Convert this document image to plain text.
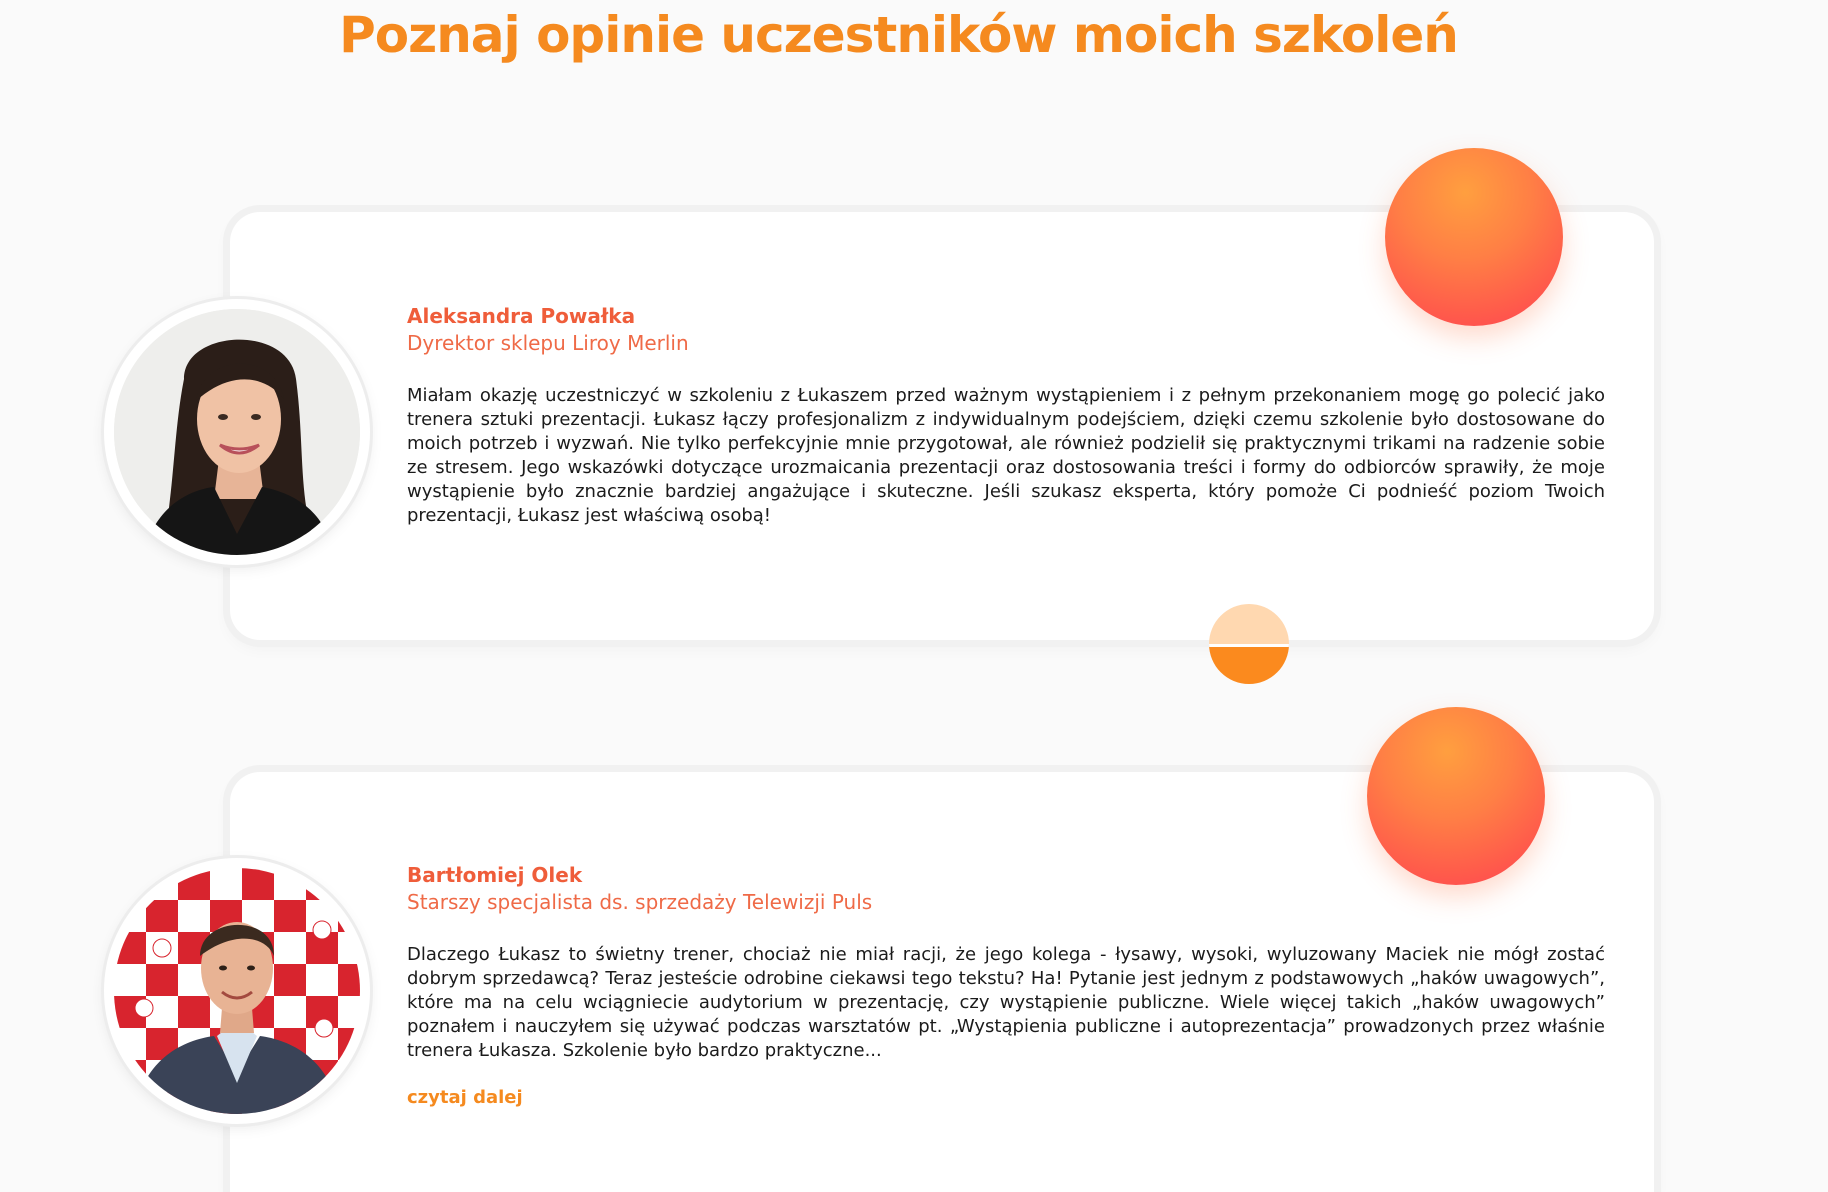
Poznaj opinie uczestników moich szkoleń

Aleksandra Powałka

Dyrektor sklepu Liroy Merlin

Miałam okazję uczestniczyć w szkoleniu z Łukaszem przed ważnym wystąpieniem i z pełnym przekonaniem mogę go polecić jako trenera sztuki prezentacji. Łukasz łączy profesjonalizm z indywidualnym podejściem, dzięki czemu szkolenie było dostosowane do moich potrzeb i wyzwań. Nie tylko perfekcyjnie mnie przygotował, ale również podzielił się praktycznymi trikami na radzenie sobie ze stresem. Jego wskazówki dotyczące urozmaicania prezentacji oraz dostosowania treści i formy do odbiorców sprawiły, że moje wystąpienie było znacznie bardziej angażujące i skuteczne. Jeśli szukasz eksperta, który pomoże Ci podnieść poziom Twoich prezentacji, Łukasz jest właściwą osobą!

Bartłomiej Olek

Starszy specjalista ds. sprzedaży Telewizji Puls

Dlaczego Łukasz to świetny trener, chociaż nie miał racji, że jego kolega - łysawy, wysoki, wyluzowany Maciek nie mógł zostać dobrym sprzedawcą? Teraz jesteście odrobine ciekawsi tego tekstu? Ha! Pytanie jest jednym z podstawowych „haków uwagowych”, które ma na celu wciągniecie audytorium w prezentację, czy wystąpienie publiczne. Wiele więcej takich „haków uwagowych” poznałem i nauczyłem się używać podczas warsztatów pt. „Wystąpienia publiczne i autoprezentacja” prowadzonych przez właśnie trenera Łukasza. Szkolenie było bardzo praktyczne...

czytaj dalej
